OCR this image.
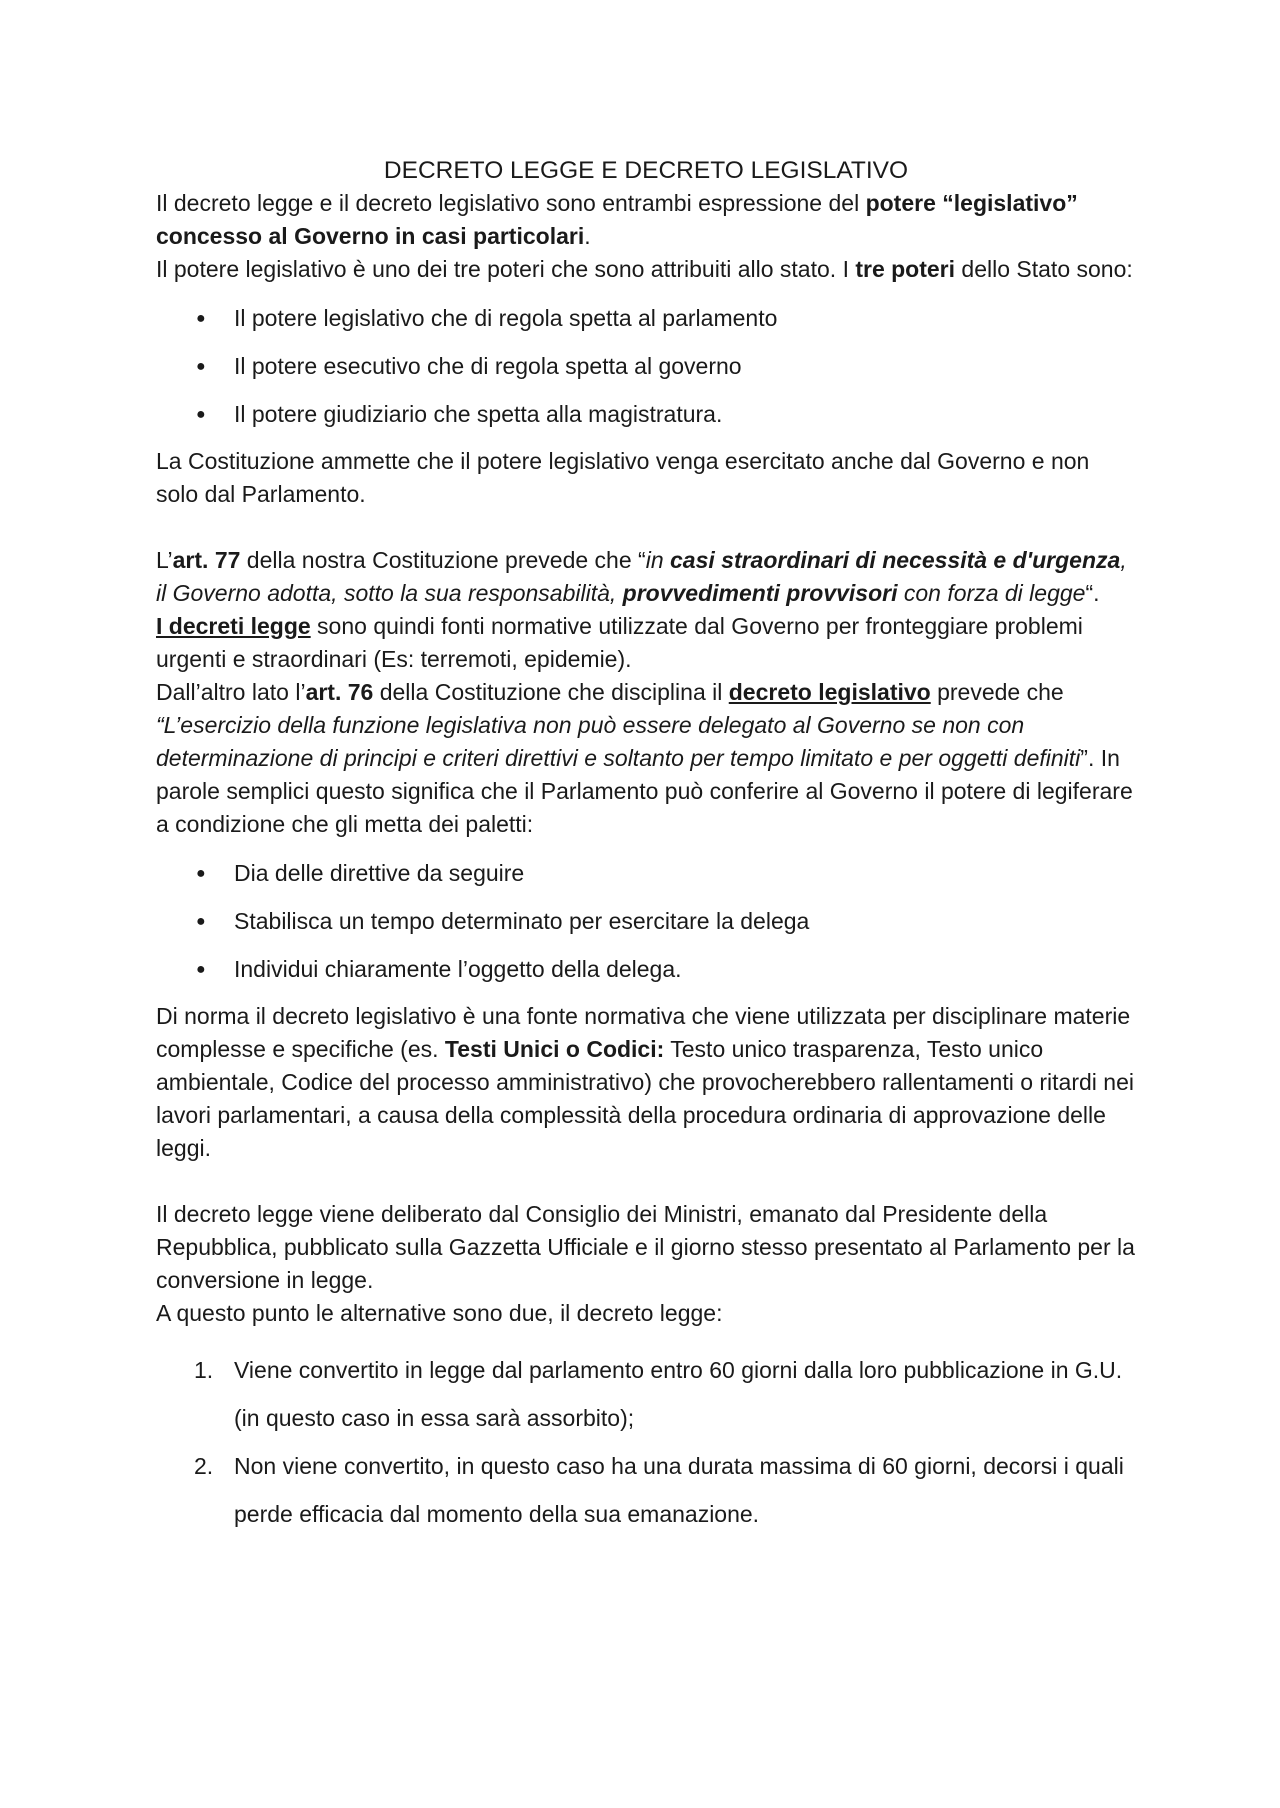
DECRETO LEGGE E DECRETO LEGISLATIVO

Il decreto legge e il decreto legislativo sono entrambi espressione del potere “legislativo” concesso al Governo in casi particolari.

Il potere legislativo è uno dei tre poteri che sono attribuiti allo stato. I tre poteri dello Stato sono:

● Il potere legislativo che di regola spetta al parlamento
● Il potere esecutivo che di regola spetta al governo
● Il potere giudiziario che spetta alla magistratura.

La Costituzione ammette che il potere legislativo venga esercitato anche dal Governo e non solo dal Parlamento.

L’art. 77 della nostra Costituzione prevede che “in casi straordinari di necessità e d'urgenza, il Governo adotta, sotto la sua responsabilità, provvedimenti provvisori con forza di legge“.

I decreti legge sono quindi fonti normative utilizzate dal Governo per fronteggiare problemi urgenti e straordinari (Es: terremoti, epidemie).

Dall’altro lato l’art. 76 della Costituzione che disciplina il decreto legislativo prevede che “L’esercizio della funzione legislativa non può essere delegato al Governo se non con determinazione di principi e criteri direttivi e soltanto per tempo limitato e per oggetti definiti”. In parole semplici questo significa che il Parlamento può conferire al Governo il potere di legiferare a condizione che gli metta dei paletti:

● Dia delle direttive da seguire
● Stabilisca un tempo determinato per esercitare la delega
● Individui chiaramente l’oggetto della delega.

Di norma il decreto legislativo è una fonte normativa che viene utilizzata per disciplinare materie complesse e specifiche (es. Testi Unici o Codici: Testo unico trasparenza, Testo unico ambientale, Codice del processo amministrativo) che provocherebbero rallentamenti o ritardi nei lavori parlamentari, a causa della complessità della procedura ordinaria di approvazione delle leggi.

Il decreto legge viene deliberato dal Consiglio dei Ministri, emanato dal Presidente della Repubblica, pubblicato sulla Gazzetta Ufficiale e il giorno stesso presentato al Parlamento per la conversione in legge.

A questo punto le alternative sono due, il decreto legge:

1. Viene convertito in legge dal parlamento entro 60 giorni dalla loro pubblicazione in G.U. (in questo caso in essa sarà assorbito);
2. Non viene convertito, in questo caso ha una durata massima di 60 giorni, decorsi i quali perde efficacia dal momento della sua emanazione.
